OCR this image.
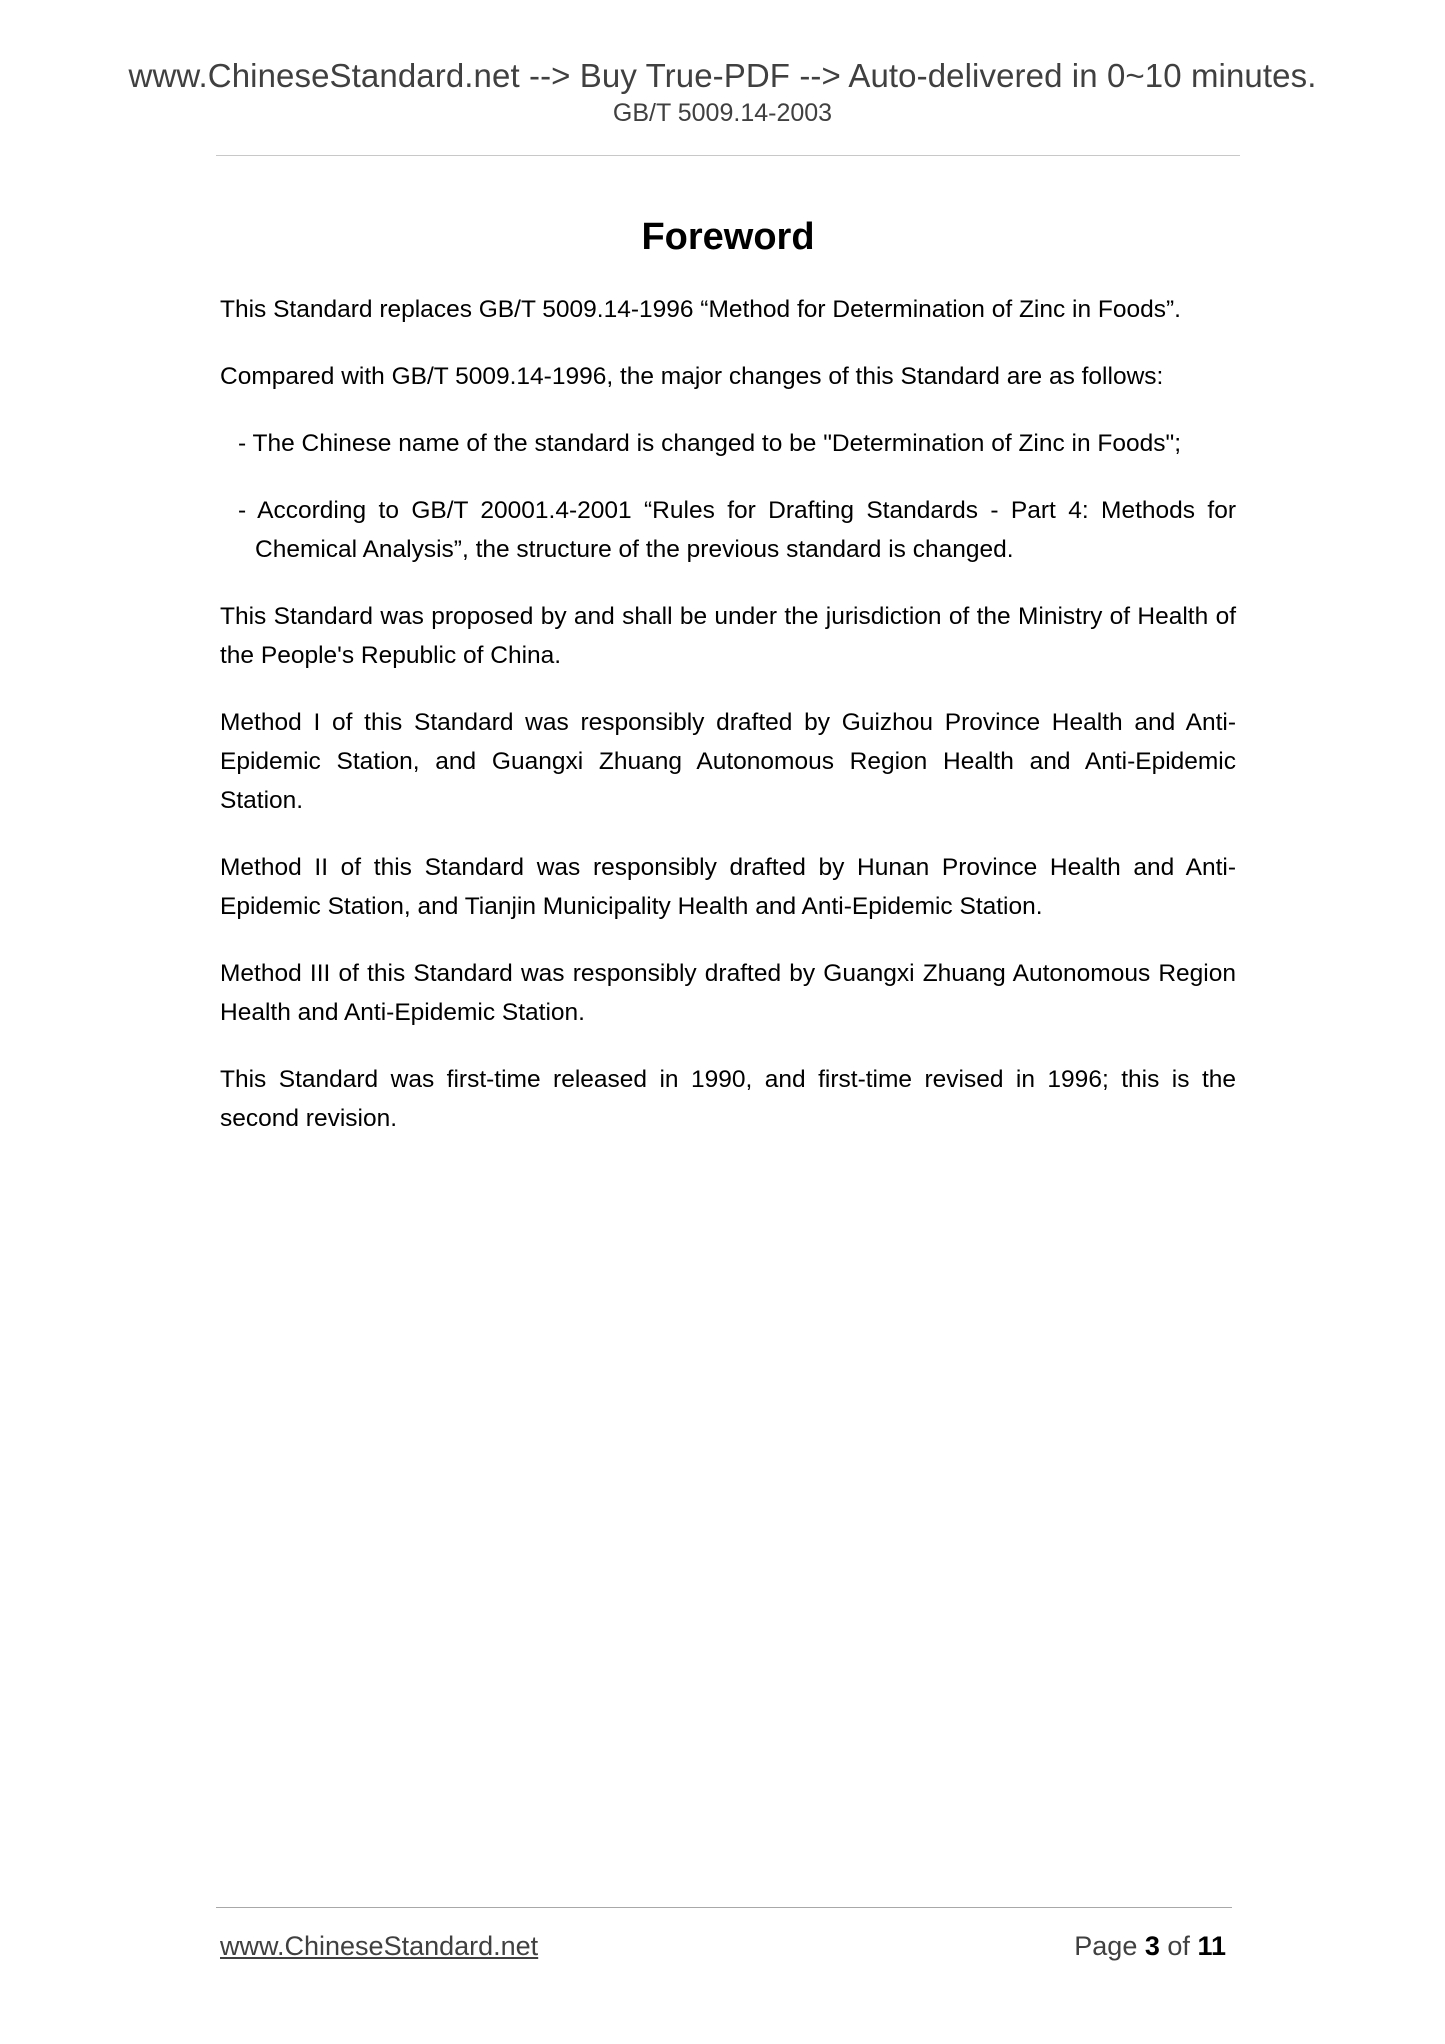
www.ChineseStandard.net --> Buy True-PDF --> Auto-delivered in 0~10 minutes.
GB/T 5009.14-2003
Foreword

This Standard replaces GB/T 5009.14-1996 “Method for Determination of Zinc in Foods”.

Compared with GB/T 5009.14-1996, the major changes of this Standard are as follows:

- The Chinese name of the standard is changed to be "Determination of Zinc in Foods";

- According to GB/T 20001.4-2001 “Rules for Drafting Standards - Part 4: Methods for Chemical Analysis”, the structure of the previous standard is changed.

This Standard was proposed by and shall be under the jurisdiction of the Ministry of Health of the People's Republic of China.

Method I of this Standard was responsibly drafted by Guizhou Province Health and Anti-Epidemic Station, and Guangxi Zhuang Autonomous Region Health and Anti-Epidemic Station.

Method II of this Standard was responsibly drafted by Hunan Province Health and Anti-Epidemic Station, and Tianjin Municipality Health and Anti-Epidemic Station.

Method III of this Standard was responsibly drafted by Guangxi Zhuang Autonomous Region Health and Anti-Epidemic Station.

This Standard was first-time released in 1990, and first-time revised in 1996; this is the second revision.

www.ChineseStandard.net	Page 3 of 11
